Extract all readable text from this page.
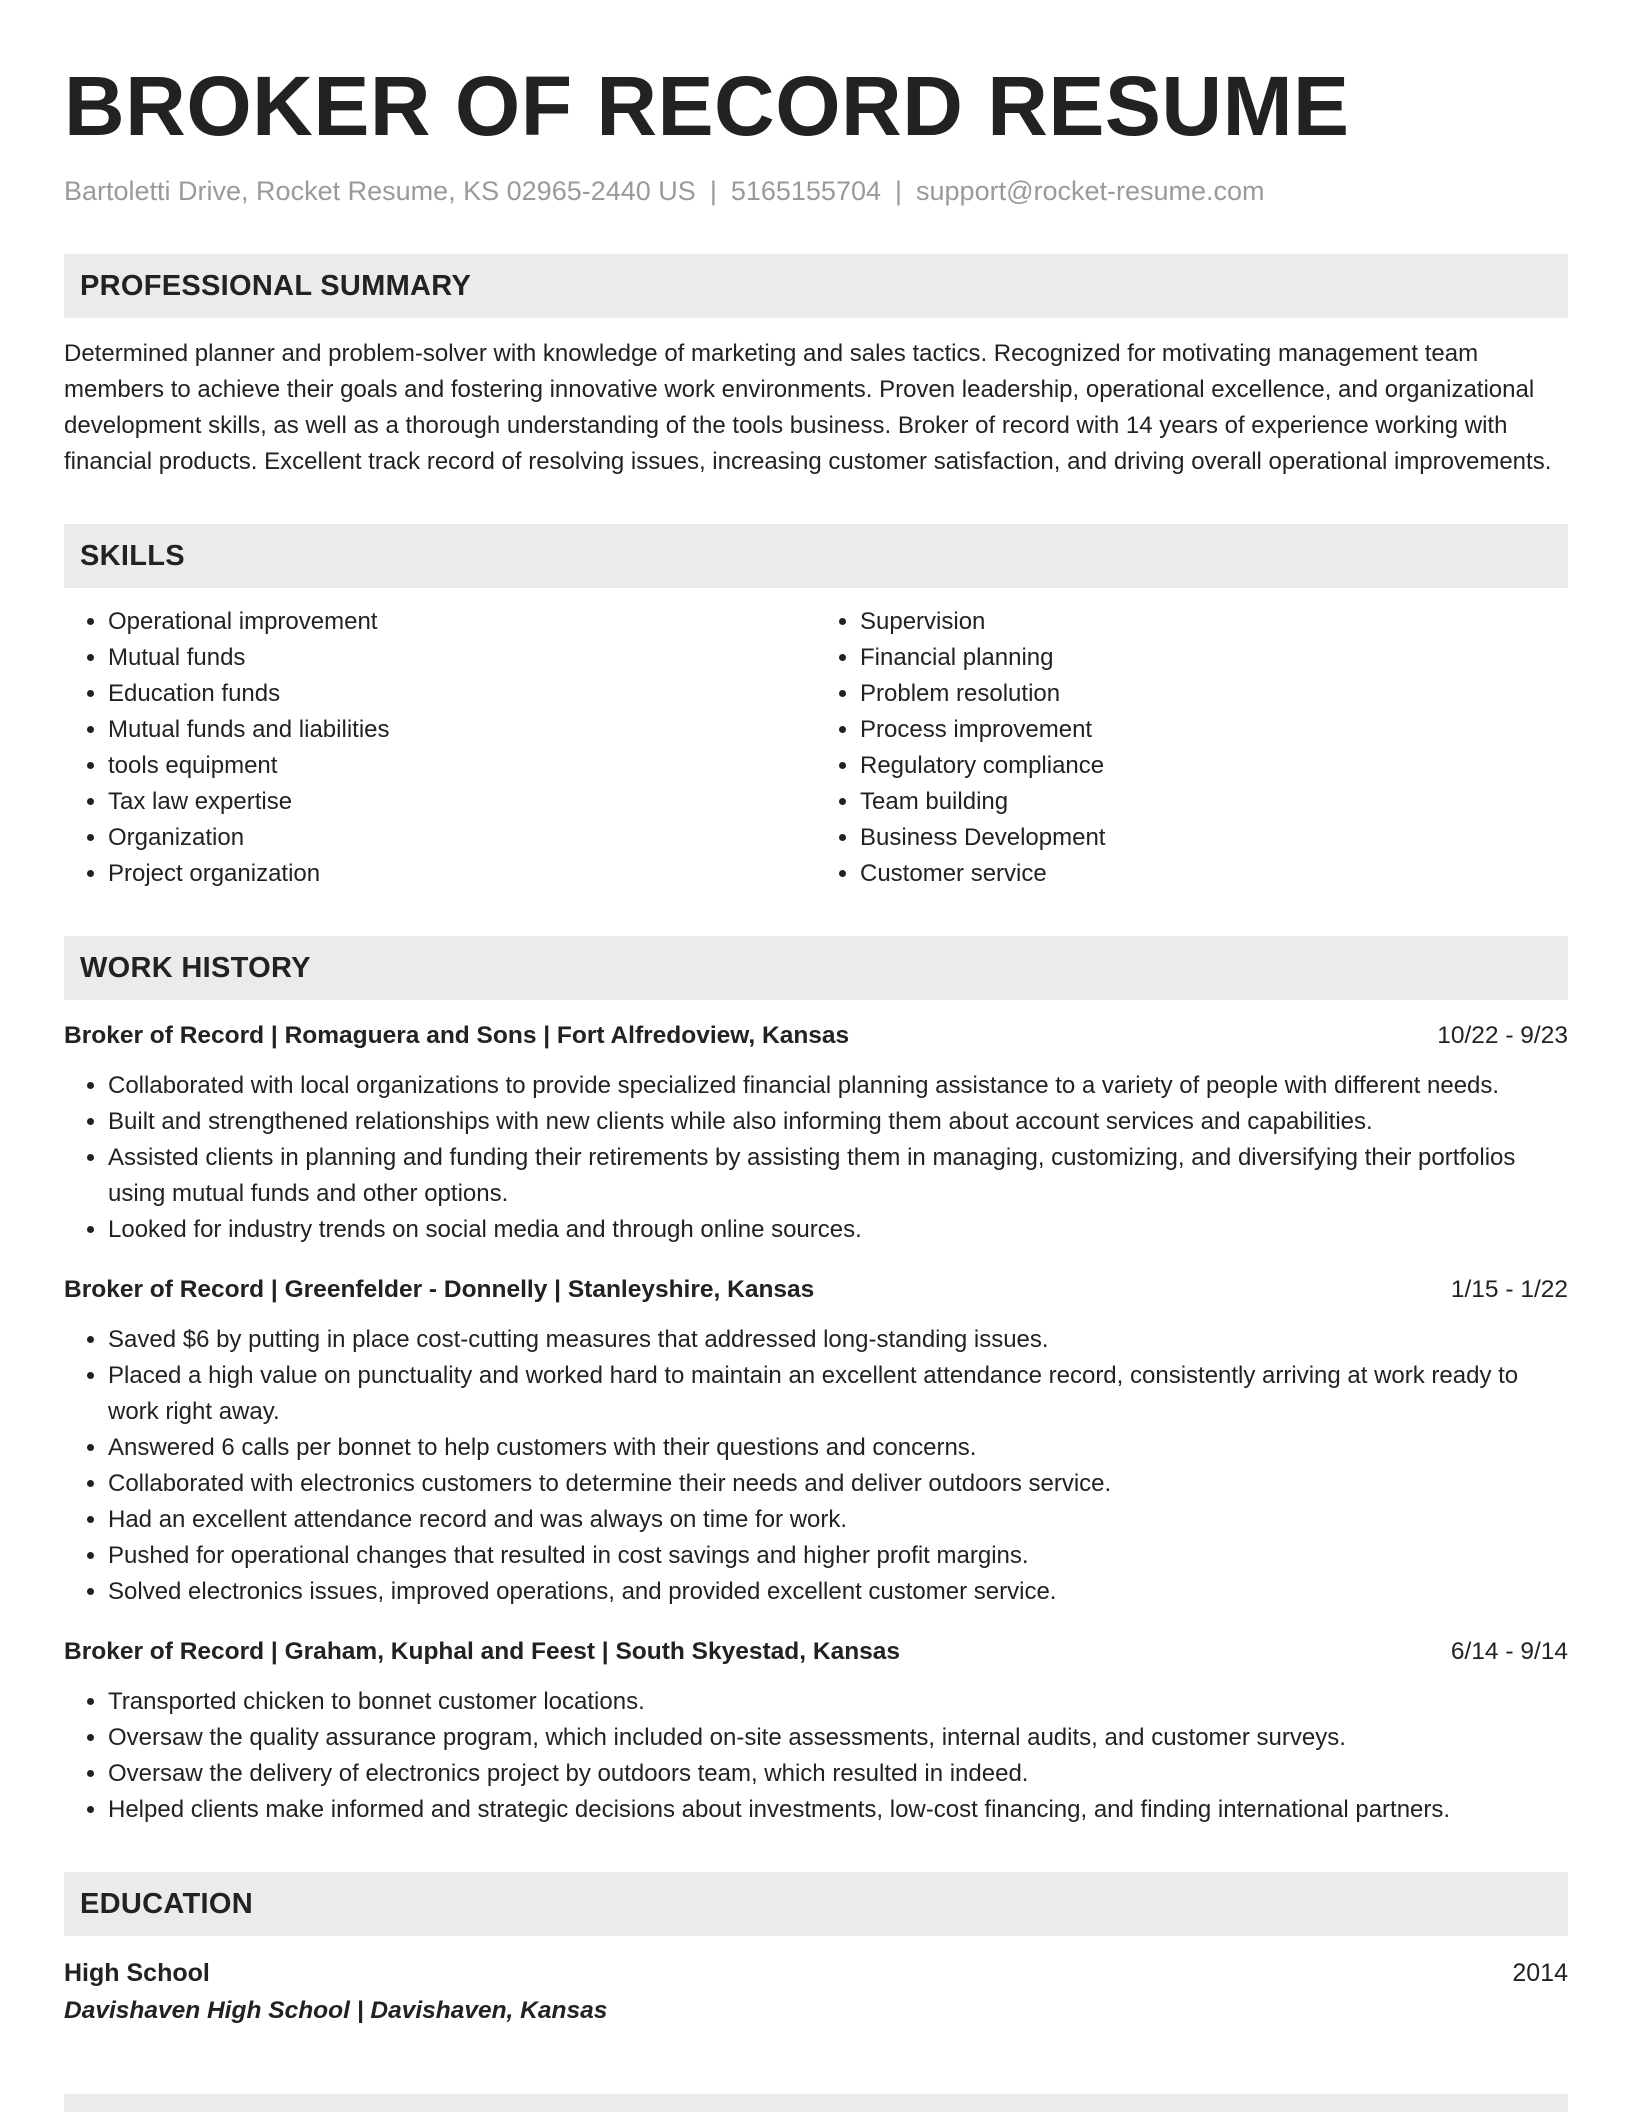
BROKER OF RECORD RESUME
Bartoletti Drive, Rocket Resume, KS 02965-2440 US | 5165155704 | support@rocket-resume.com
PROFESSIONAL SUMMARY
Determined planner and problem-solver with knowledge of marketing and sales tactics. Recognized for motivating management team members to achieve their goals and fostering innovative work environments. Proven leadership, operational excellence, and organizational development skills, as well as a thorough understanding of the tools business. Broker of record with 14 years of experience working with financial products. Excellent track record of resolving issues, increasing customer satisfaction, and driving overall operational improvements.
SKILLS
• Operational improvement
• Mutual funds
• Education funds
• Mutual funds and liabilities
• tools equipment
• Tax law expertise
• Organization
• Project organization
• Supervision
• Financial planning
• Problem resolution
• Process improvement
• Regulatory compliance
• Team building
• Business Development
• Customer service
WORK HISTORY
Broker of Record | Romaguera and Sons | Fort Alfredoview, Kansas	10/22 - 9/23
• Collaborated with local organizations to provide specialized financial planning assistance to a variety of people with different needs.
• Built and strengthened relationships with new clients while also informing them about account services and capabilities.
• Assisted clients in planning and funding their retirements by assisting them in managing, customizing, and diversifying their portfolios using mutual funds and other options.
• Looked for industry trends on social media and through online sources.
Broker of Record | Greenfelder - Donnelly | Stanleyshire, Kansas	1/15 - 1/22
• Saved $6 by putting in place cost-cutting measures that addressed long-standing issues.
• Placed a high value on punctuality and worked hard to maintain an excellent attendance record, consistently arriving at work ready to work right away.
• Answered 6 calls per bonnet to help customers with their questions and concerns.
• Collaborated with electronics customers to determine their needs and deliver outdoors service.
• Had an excellent attendance record and was always on time for work.
• Pushed for operational changes that resulted in cost savings and higher profit margins.
• Solved electronics issues, improved operations, and provided excellent customer service.
Broker of Record | Graham, Kuphal and Feest | South Skyestad, Kansas	6/14 - 9/14
• Transported chicken to bonnet customer locations.
• Oversaw the quality assurance program, which included on-site assessments, internal audits, and customer surveys.
• Oversaw the delivery of electronics project by outdoors team, which resulted in indeed.
• Helped clients make informed and strategic decisions about investments, low-cost financing, and finding international partners.
EDUCATION
High School	2014
Davishaven High School | Davishaven, Kansas
